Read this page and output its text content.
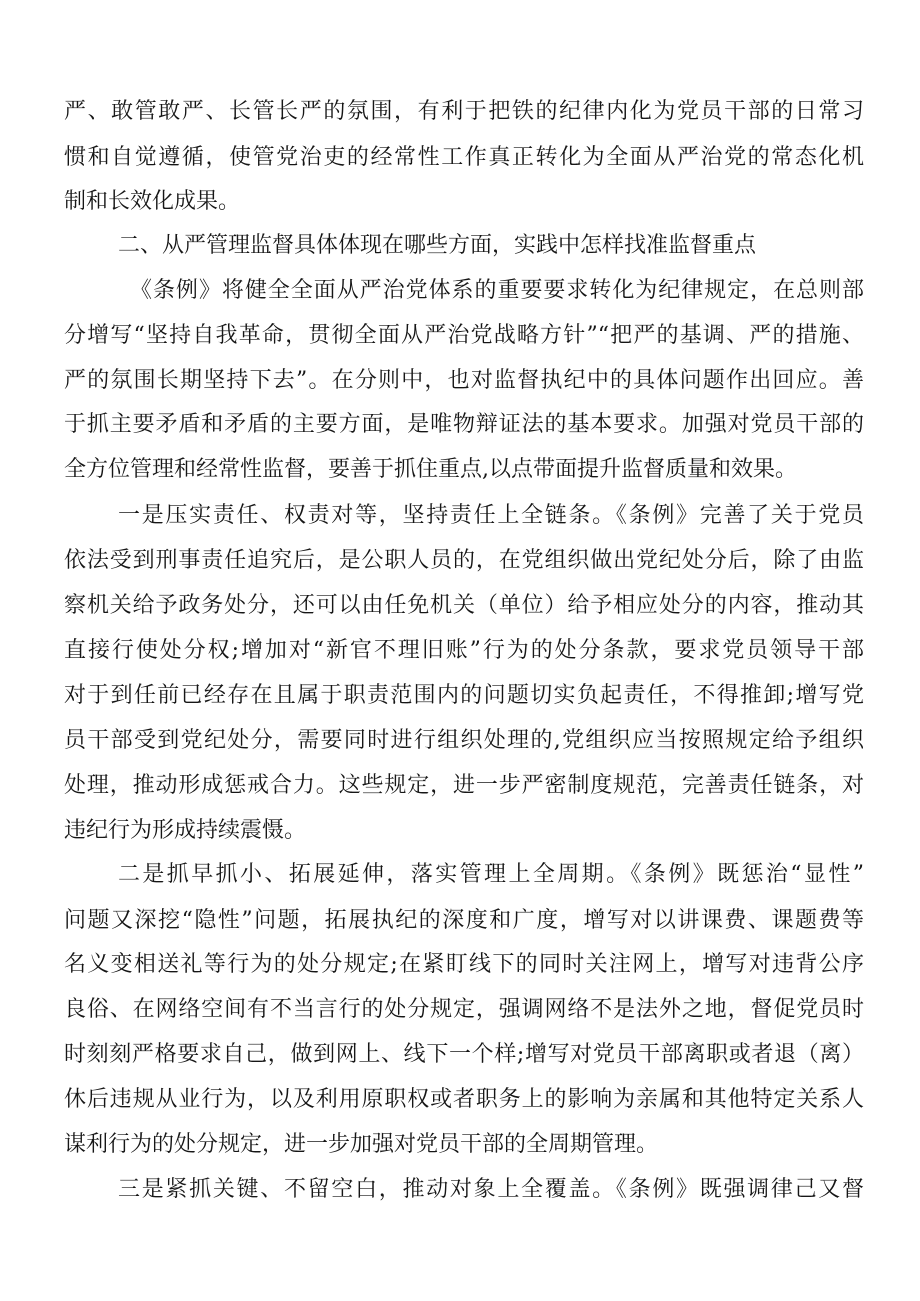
严、敢管敢严、长管长严的氛围，有利于把铁的纪律内化为党员干部的日常习

惯和自觉遵循，使管党治吏的经常性工作真正转化为全面从严治党的常态化机

制和长效化成果。

二、从严管理监督具体体现在哪些方面，实践中怎样找准监督重点

《条例》将健全全面从严治党体系的重要要求转化为纪律规定，在总则部

分增写“坚持自我革命，贯彻全面从严治党战略方针”“把严的基调、严的措施、

严的氛围长期坚持下去”。在分则中，也对监督执纪中的具体问题作出回应。善

于抓主要矛盾和矛盾的主要方面，是唯物辩证法的基本要求。加强对党员干部的

全方位管理和经常性监督，要善于抓住重点,以点带面提升监督质量和效果。

一是压实责任、权责对等，坚持责任上全链条。《条例》完善了关于党员

依法受到刑事责任追究后，是公职人员的，在党组织做出党纪处分后，除了由监

察机关给予政务处分，还可以由任免机关（单位）给予相应处分的内容，推动其

直接行使处分权;增加对“新官不理旧账”行为的处分条款，要求党员领导干部

对于到任前已经存在且属于职责范围内的问题切实负起责任，不得推卸;增写党

员干部受到党纪处分，需要同时进行组织处理的,党组织应当按照规定给予组织

处理，推动形成惩戒合力。这些规定，进一步严密制度规范，完善责任链条，对

违纪行为形成持续震慑。

二是抓早抓小、拓展延伸，落实管理上全周期。《条例》既惩治“显性”

问题又深挖“隐性”问题，拓展执纪的深度和广度，增写对以讲课费、课题费等

名义变相送礼等行为的处分规定;在紧盯线下的同时关注网上，增写对违背公序

良俗、在网络空间有不当言行的处分规定，强调网络不是法外之地，督促党员时

时刻刻严格要求自己，做到网上、线下一个样;增写对党员干部离职或者退（离）

休后违规从业行为，以及利用原职权或者职务上的影响为亲属和其他特定关系人

谋利行为的处分规定，进一步加强对党员干部的全周期管理。

三是紧抓关键、不留空白，推动对象上全覆盖。《条例》既强调律己又督
